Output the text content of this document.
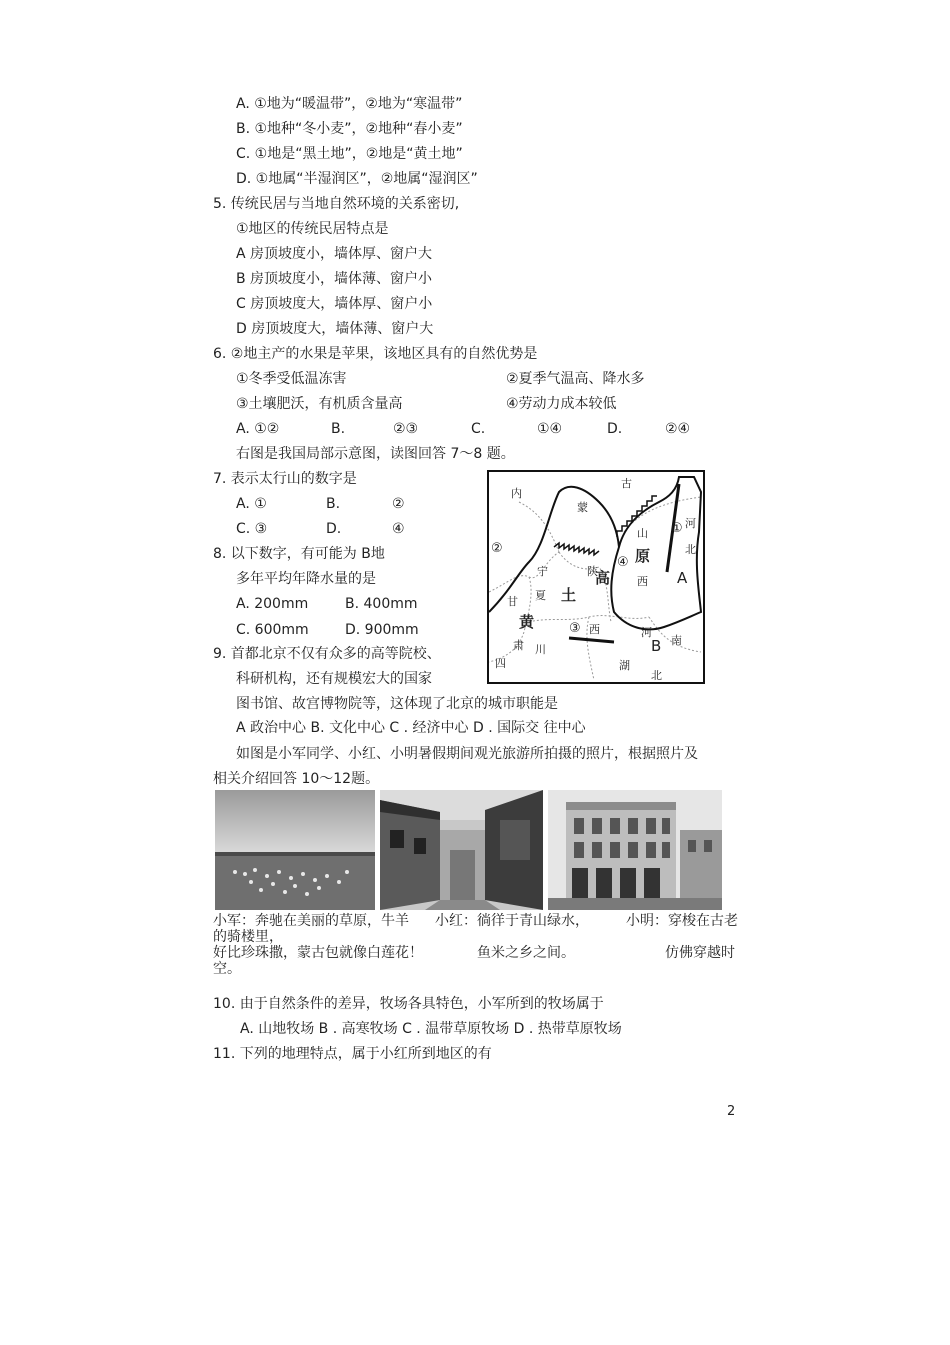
A. ①地为“暖温带”，②地为“寒温带”
B. ①地种“冬小麦”，②地种“春小麦”
C. ①地是“黑土地”，②地是“黄土地”
D. ①地属“半湿润区”，②地属“湿润区”
5. 传统民居与当地自然环境的关系密切,
①地区的传统民居特点是
A 房顶坡度小，墙体厚、窗户大
B 房顶坡度小，墙体薄、窗户小
C 房顶坡度大，墙体厚、窗户小
D 房顶坡度大，墙体薄、窗户大
6. ②地主产的水果是苹果，该地区具有的自然优势是
①冬季受低温冻害	②夏季气温高、降水多
③土壤肥沃，有机质含量高	④劳动力成本较低
A. ①②	B.	②③	C.	①④	D.	②④
右图是我国局部示意图，读图回答 7～8 题。
7. 表示太行山的数字是
A. ①	B.	②
C. ③	D.	④
8. 以下数字，有可能为 B地
多年平均年降水量的是
A. 200mm	B. 400mm
C. 600mm	D. 900mm
9. 首都北京不仅有众多的高等院校、
科研机构，还有规模宏大的国家
图书馆、故宫博物院等，这体现了北京的城市职能是
A 政治中心 B. 文化中心 C . 经济中心 D . 国际交 往中心
内
蒙
古
河
北
山
原
西 A
宁
夏
甘
肃
陕
高
土
黄	西	河
南
B
四
川
湖
北
①
②
③
④
如图是小军同学、小红、小明暑假期间观光旅游所拍摄的照片，根据照片及
相关介绍回答 10～12题。
小军：奔驰在美丽的草原，牛羊 小红：徜徉于青山绿水，	小明：穿梭在古老
的骑楼里，
好比珍珠撒，蒙古包就像白莲花！	鱼米之乡之间。	仿佛穿越时
空。
10. 由于自然条件的差异，牧场各具特色，小军所到的牧场属于
A. 山地牧场 B . 高寒牧场 C . 温带草原牧场 D . 热带草原牧场
11. 下列的地理特点，属于小红所到地区的有
2
